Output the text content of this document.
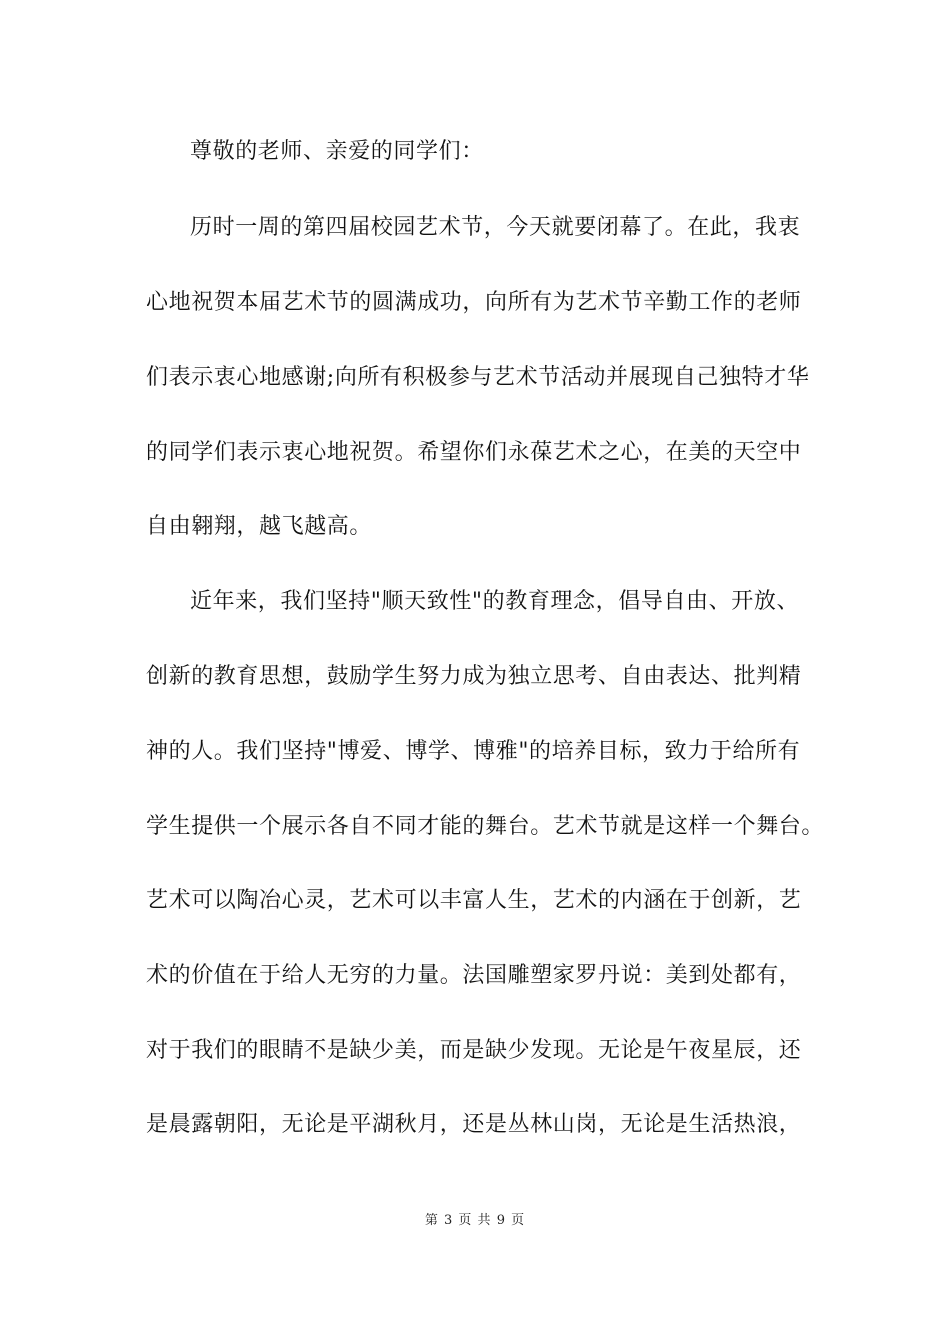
尊敬的老师、亲爱的同学们：
历时一周的第四届校园艺术节，今天就要闭幕了。在此，我衷
心地祝贺本届艺术节的圆满成功，向所有为艺术节辛勤工作的老师
们表示衷心地感谢;向所有积极参与艺术节活动并展现自己独特才华
的同学们表示衷心地祝贺。希望你们永葆艺术之心，在美的天空中
自由翱翔，越飞越高。
近年来，我们坚持"顺天致性"的教育理念，倡导自由、开放、
创新的教育思想，鼓励学生努力成为独立思考、自由表达、批判精
神的人。我们坚持"博爱、博学、博雅"的培养目标，致力于给所有
学生提供一个展示各自不同才能的舞台。艺术节就是这样一个舞台。
艺术可以陶冶心灵，艺术可以丰富人生，艺术的内涵在于创新，艺
术的价值在于给人无穷的力量。法国雕塑家罗丹说：美到处都有，
对于我们的眼睛不是缺少美，而是缺少发现。无论是午夜星辰，还
是晨露朝阳，无论是平湖秋月，还是丛林山岗，无论是生活热浪，
第 3 页 共 9 页
